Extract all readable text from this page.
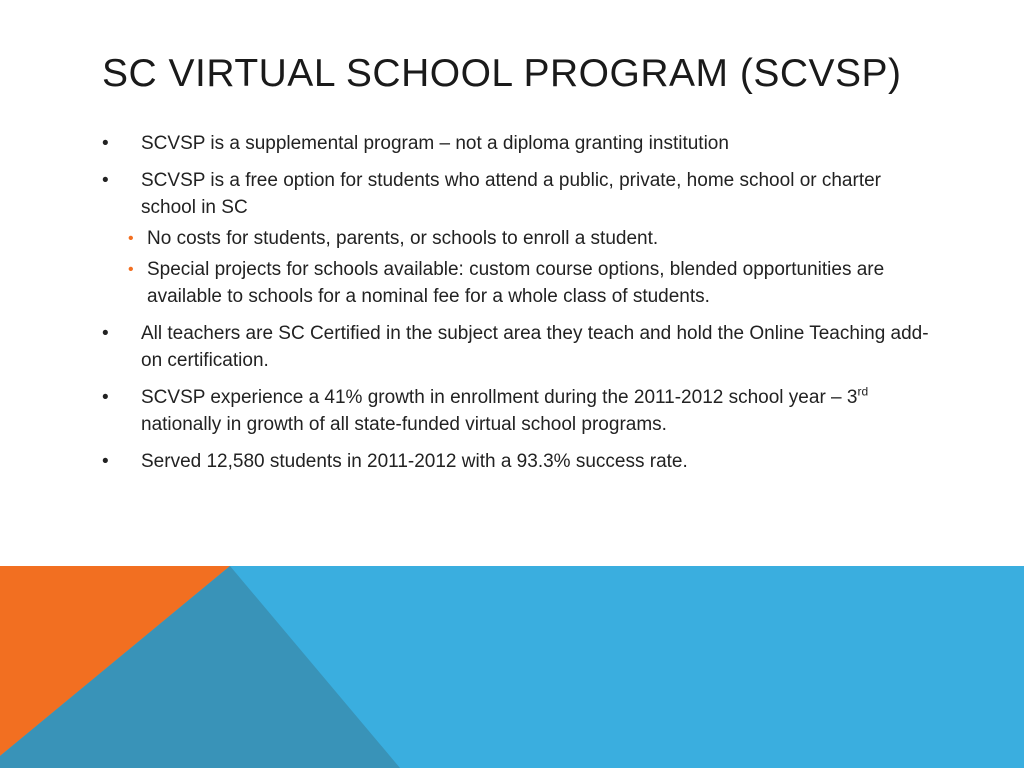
SC VIRTUAL SCHOOL PROGRAM (SCVSP)
•	SCVSP is a supplemental program – not a diploma granting institution
•	SCVSP is a free option for students who attend a public, private, home school or charter school in SC
• No costs for students, parents, or schools to enroll a student.
• Special projects for schools available: custom course options, blended opportunities are available to schools for a nominal fee for a whole class of students.
•	All teachers are SC Certified in the subject area they teach and hold the Online Teaching add-on certification.
•	SCVSP experience a 41% growth in enrollment during the 2011-2012 school year – 3rd nationally in growth of all state-funded virtual school programs.
•	Served 12,580 students in 2011-2012 with a 93.3% success rate.
